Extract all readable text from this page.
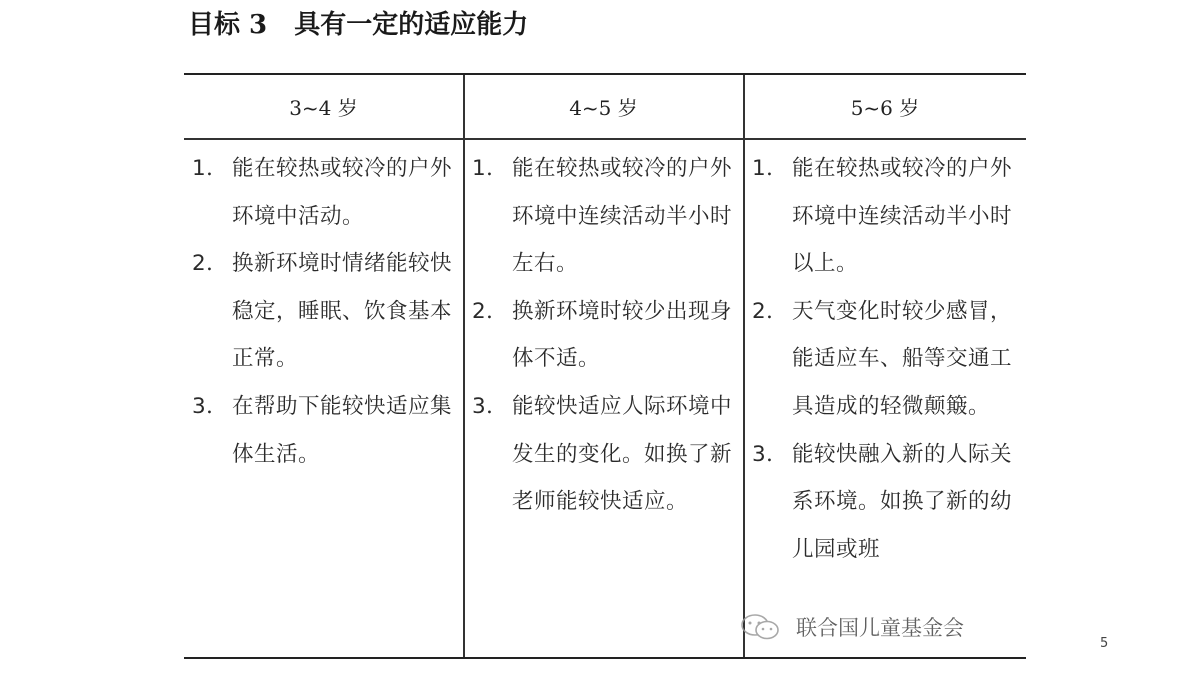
目标 3   具有一定的适应能力
3~4 岁	4~5 岁	5~6 岁
1． 能在较热或较冷的户外环境中活动。
2． 换新环境时情绪能较快稳定，睡眠、饮食基本正常。
3． 在帮助下能较快适应集体生活。
1． 能在较热或较冷的户外环境中连续活动半小时左右。
2． 换新环境时较少出现身体不适。
3． 能较快适应人际环境中发生的变化。如换了新老师能较快适应。
1． 能在较热或较冷的户外环境中连续活动半小时以上。
2． 天气变化时较少感冒，能适应车、船等交通工具造成的轻微颠簸。
3． 能较快融入新的人际关系环境。如换了新的幼儿园或班
联合国儿童基金会
5
